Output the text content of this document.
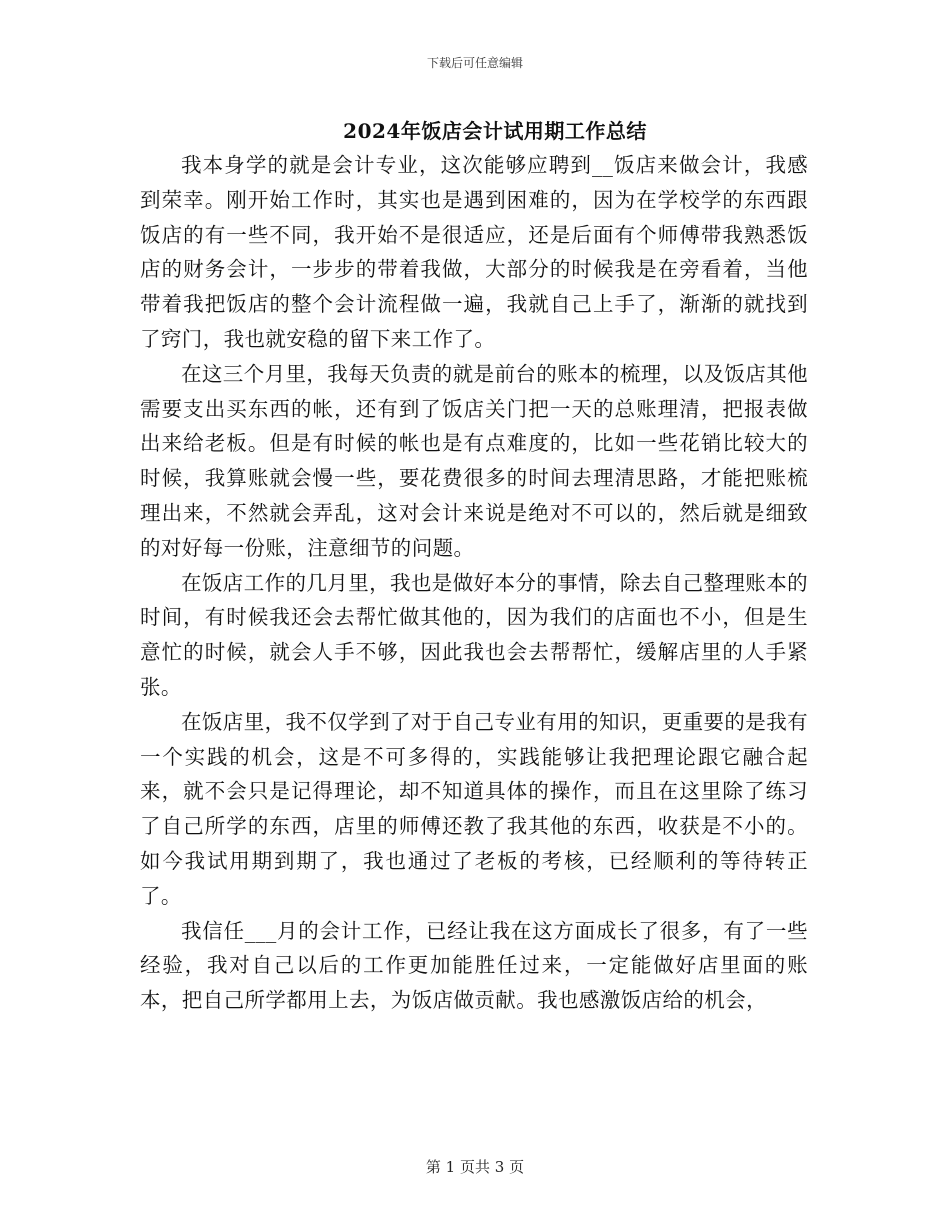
下载后可任意编辑
2024年饭店会计试用期工作总结

我本身学的就是会计专业，这次能够应聘到__饭店来做会计，我感到荣幸。刚开始工作时，其实也是遇到困难的，因为在学校学的东西跟饭店的有一些不同，我开始不是很适应，还是后面有个师傅带我熟悉饭店的财务会计，一步步的带着我做，大部分的时候我是在旁看着，当他带着我把饭店的整个会计流程做一遍，我就自己上手了，渐渐的就找到了窍门，我也就安稳的留下来工作了。

在这三个月里，我每天负责的就是前台的账本的梳理，以及饭店其他需要支出买东西的帐，还有到了饭店关门把一天的总账理清，把报表做出来给老板。但是有时候的帐也是有点难度的，比如一些花销比较大的时候，我算账就会慢一些，要花费很多的时间去理清思路，才能把账梳理出来，不然就会弄乱，这对会计来说是绝对不可以的，然后就是细致的对好每一份账，注意细节的问题。

在饭店工作的几月里，我也是做好本分的事情，除去自己整理账本的时间，有时候我还会去帮忙做其他的，因为我们的店面也不小，但是生意忙的时候，就会人手不够，因此我也会去帮帮忙，缓解店里的人手紧张。

在饭店里，我不仅学到了对于自己专业有用的知识，更重要的是我有一个实践的机会，这是不可多得的，实践能够让我把理论跟它融合起来，就不会只是记得理论，却不知道具体的操作，而且在这里除了练习了自己所学的东西，店里的师傅还教了我其他的东西，收获是不小的。如今我试用期到期了，我也通过了老板的考核，已经顺利的等待转正了。

我信任___月的会计工作，已经让我在这方面成长了很多，有了一些经验，我对自己以后的工作更加能胜任过来，一定能做好店里面的账本，把自己所学都用上去，为饭店做贡献。我也感激饭店给的机会，

第 1 页共 3 页
